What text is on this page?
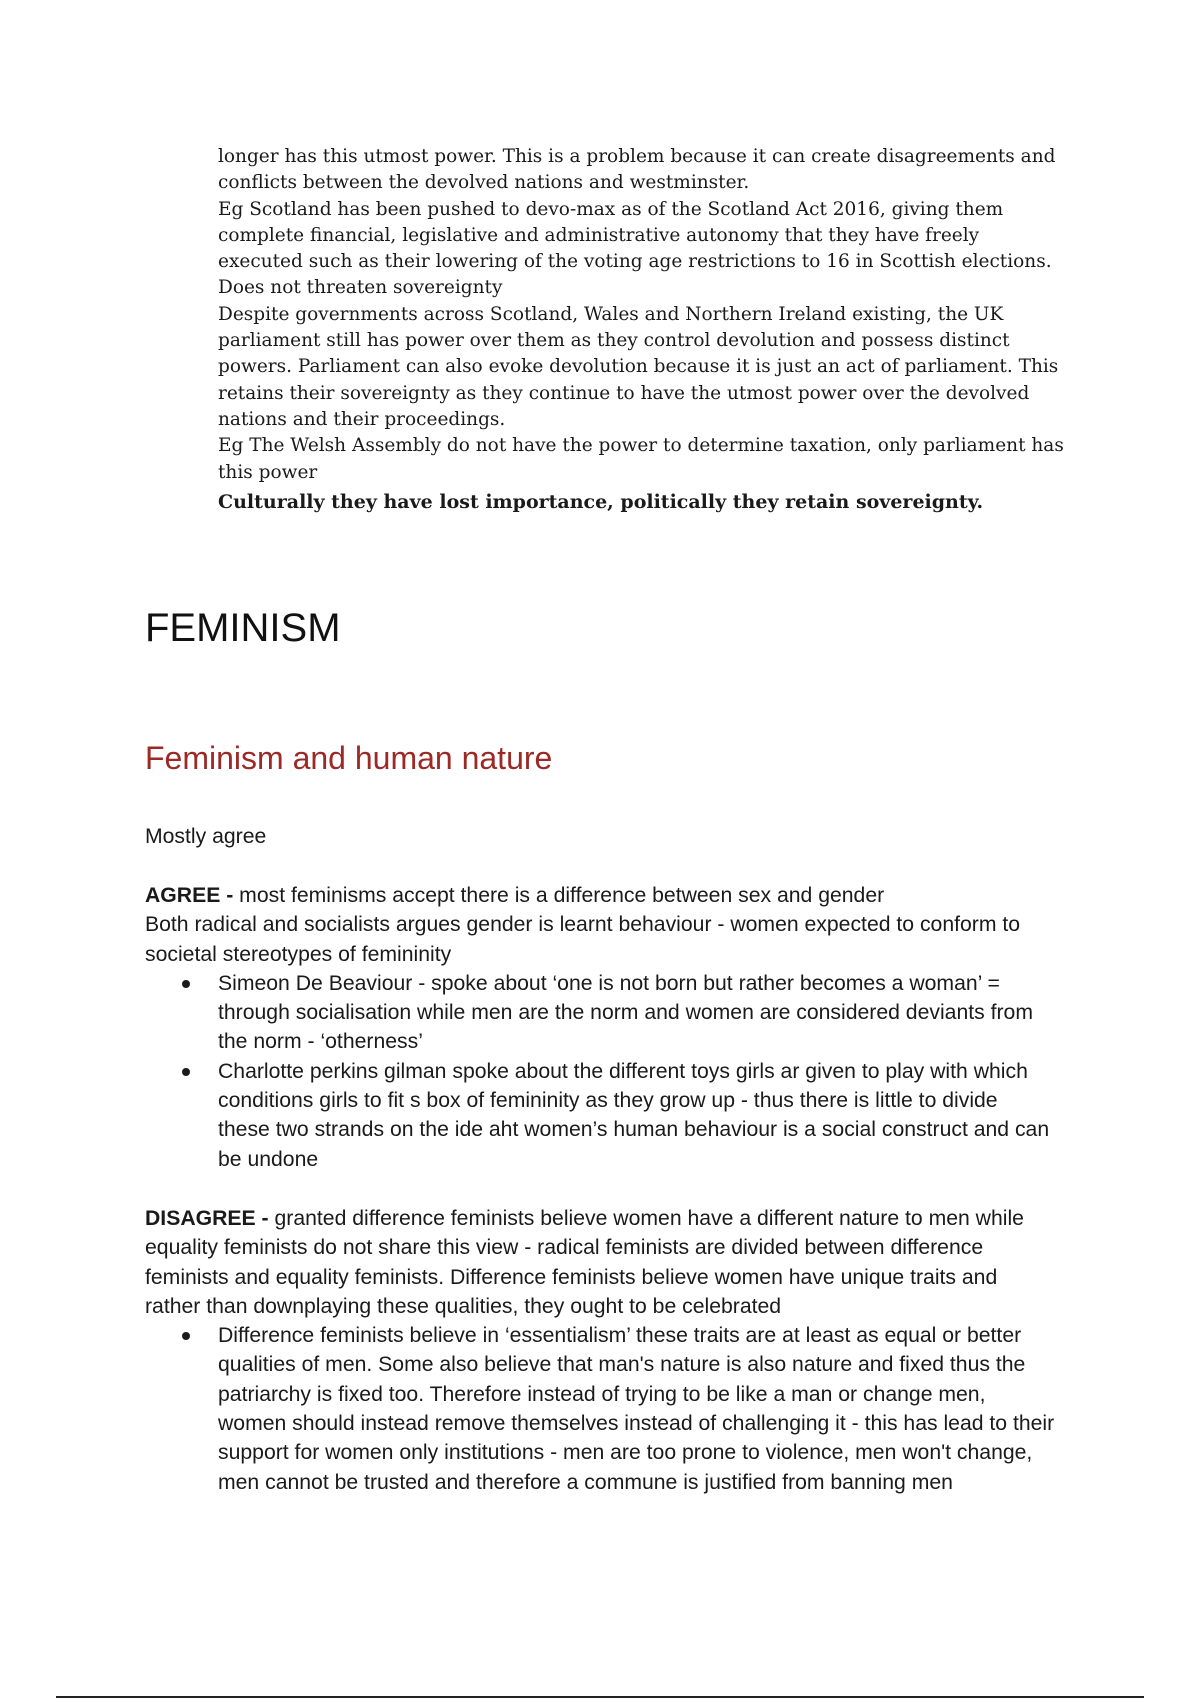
longer has this utmost power. This is a problem because it can create disagreements and conflicts between the devolved nations and westminster.

Eg Scotland has been pushed to devo-max as of the Scotland Act 2016, giving them complete financial, legislative and administrative autonomy that they have freely executed such as their lowering of the voting age restrictions to 16 in Scottish elections.

Does not threaten sovereignty

Despite governments across Scotland, Wales and Northern Ireland existing, the UK parliament still has power over them as they control devolution and possess distinct powers. Parliament can also evoke devolution because it is just an act of parliament. This retains their sovereignty as they continue to have the utmost power over the devolved nations and their proceedings.

Eg The Welsh Assembly do not have the power to determine taxation, only parliament has this power

Culturally they have lost importance, politically they retain sovereignty.

FEMINISM
Feminism and human nature

Mostly agree

AGREE - most feminisms accept there is a difference between sex and gender

Both radical and socialists argues gender is learnt behaviour - women expected to conform to societal stereotypes of femininity

Simeon De Beaviour - spoke about ‘one is not born but rather becomes a woman’ = through socialisation while men are the norm and women are considered deviants from the norm - ‘otherness’
Charlotte perkins gilman spoke about the different toys girls ar given to play with which conditions girls to fit s box of femininity as they grow up - thus there is little to divide these two strands on the ide aht women’s human behaviour is a social construct and can be undone

DISAGREE - granted difference feminists believe women have a different nature to men while equality feminists do not share this view - radical feminists are divided between difference feminists and equality feminists. Difference feminists believe women have unique traits and rather than downplaying these qualities, they ought to be celebrated

Difference feminists believe in ‘essentialism’ these traits are at least as equal or better qualities of men. Some also believe that man's nature is also nature and fixed thus the patriarchy is fixed too. Therefore instead of trying to be like a man or change men, women should instead remove themselves instead of challenging it - this has lead to their support for women only institutions - men are too prone to violence, men won't change, men cannot be trusted and therefore a commune is justified from banning men
